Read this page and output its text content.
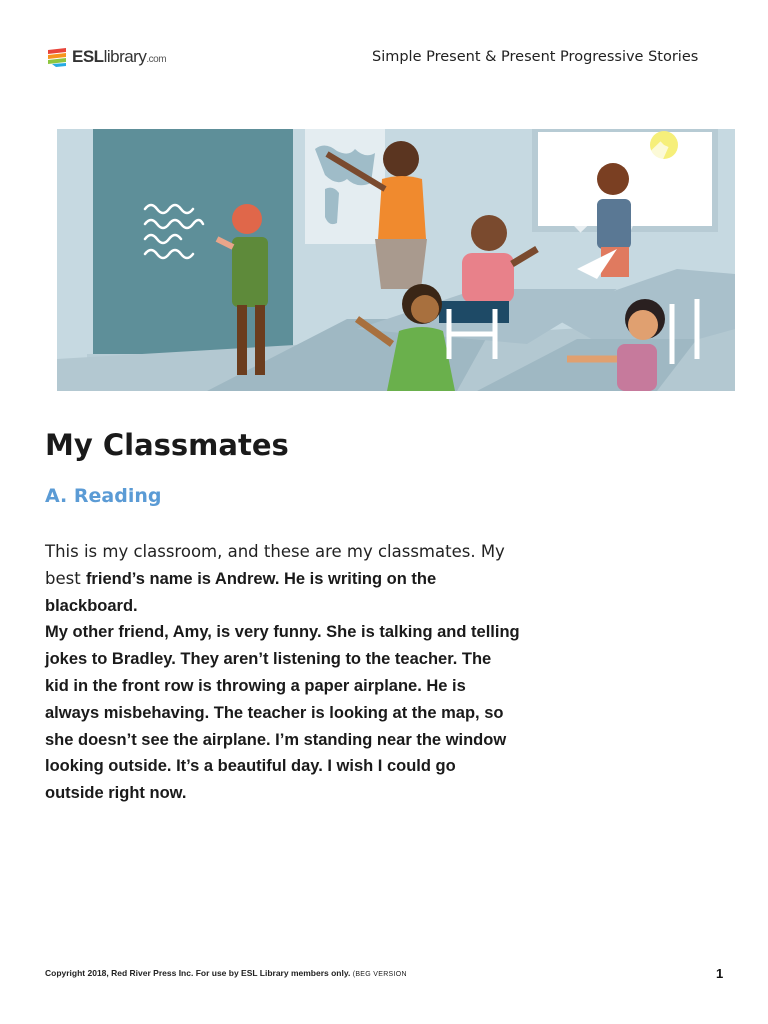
ESLlibrary.com	Simple Present & Present Progressive Stories
My Classmates
A. Reading
This is my classroom, and these are my classmates. My
best friend’s name is Andrew. He is writing on the
blackboard.
My other friend, Amy, is very funny. She is talking and telling
jokes to Bradley. They aren’t listening to the teacher. The
kid in the front row is throwing a paper airplane. He is
always misbehaving. The teacher is looking at the map, so
she doesn’t see the airplane. I’m standing near the window
looking outside. It’s a beautiful day. I wish I could go
outside right now.
Copyright 2018, Red River Press Inc. For use by ESL Library members only. (BEG VERSION	1
